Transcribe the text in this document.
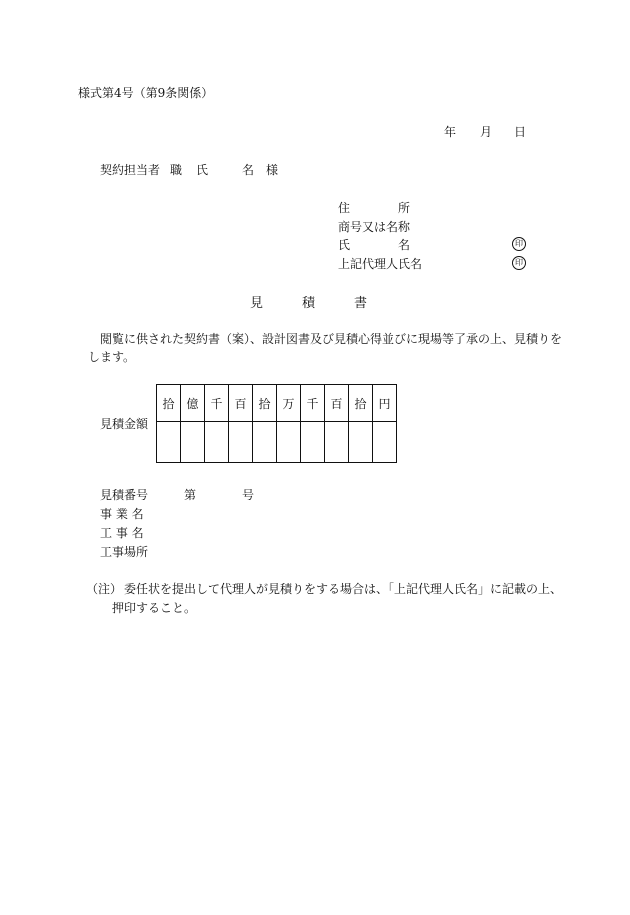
様式第4号（第9条関係）
年 月 日
契約担当者 職 氏	名 様
住　　　　所
商号又は名称
氏　　　　名	印
上記代理人氏名	印
見　　　積　　　書
閲覧に供された契約書（案）、設計図書及び見積心得並びに現場等了承の上、見積りを
します。
見積金額
拾	億	千	百	拾	万	千	百	拾	円

見積番号	第	号
事 業 名
工 事 名
工事場所
（注） 委任状を提出して代理人が見積りをする場合は、「上記代理人氏名」に記載の上、
押印すること。
